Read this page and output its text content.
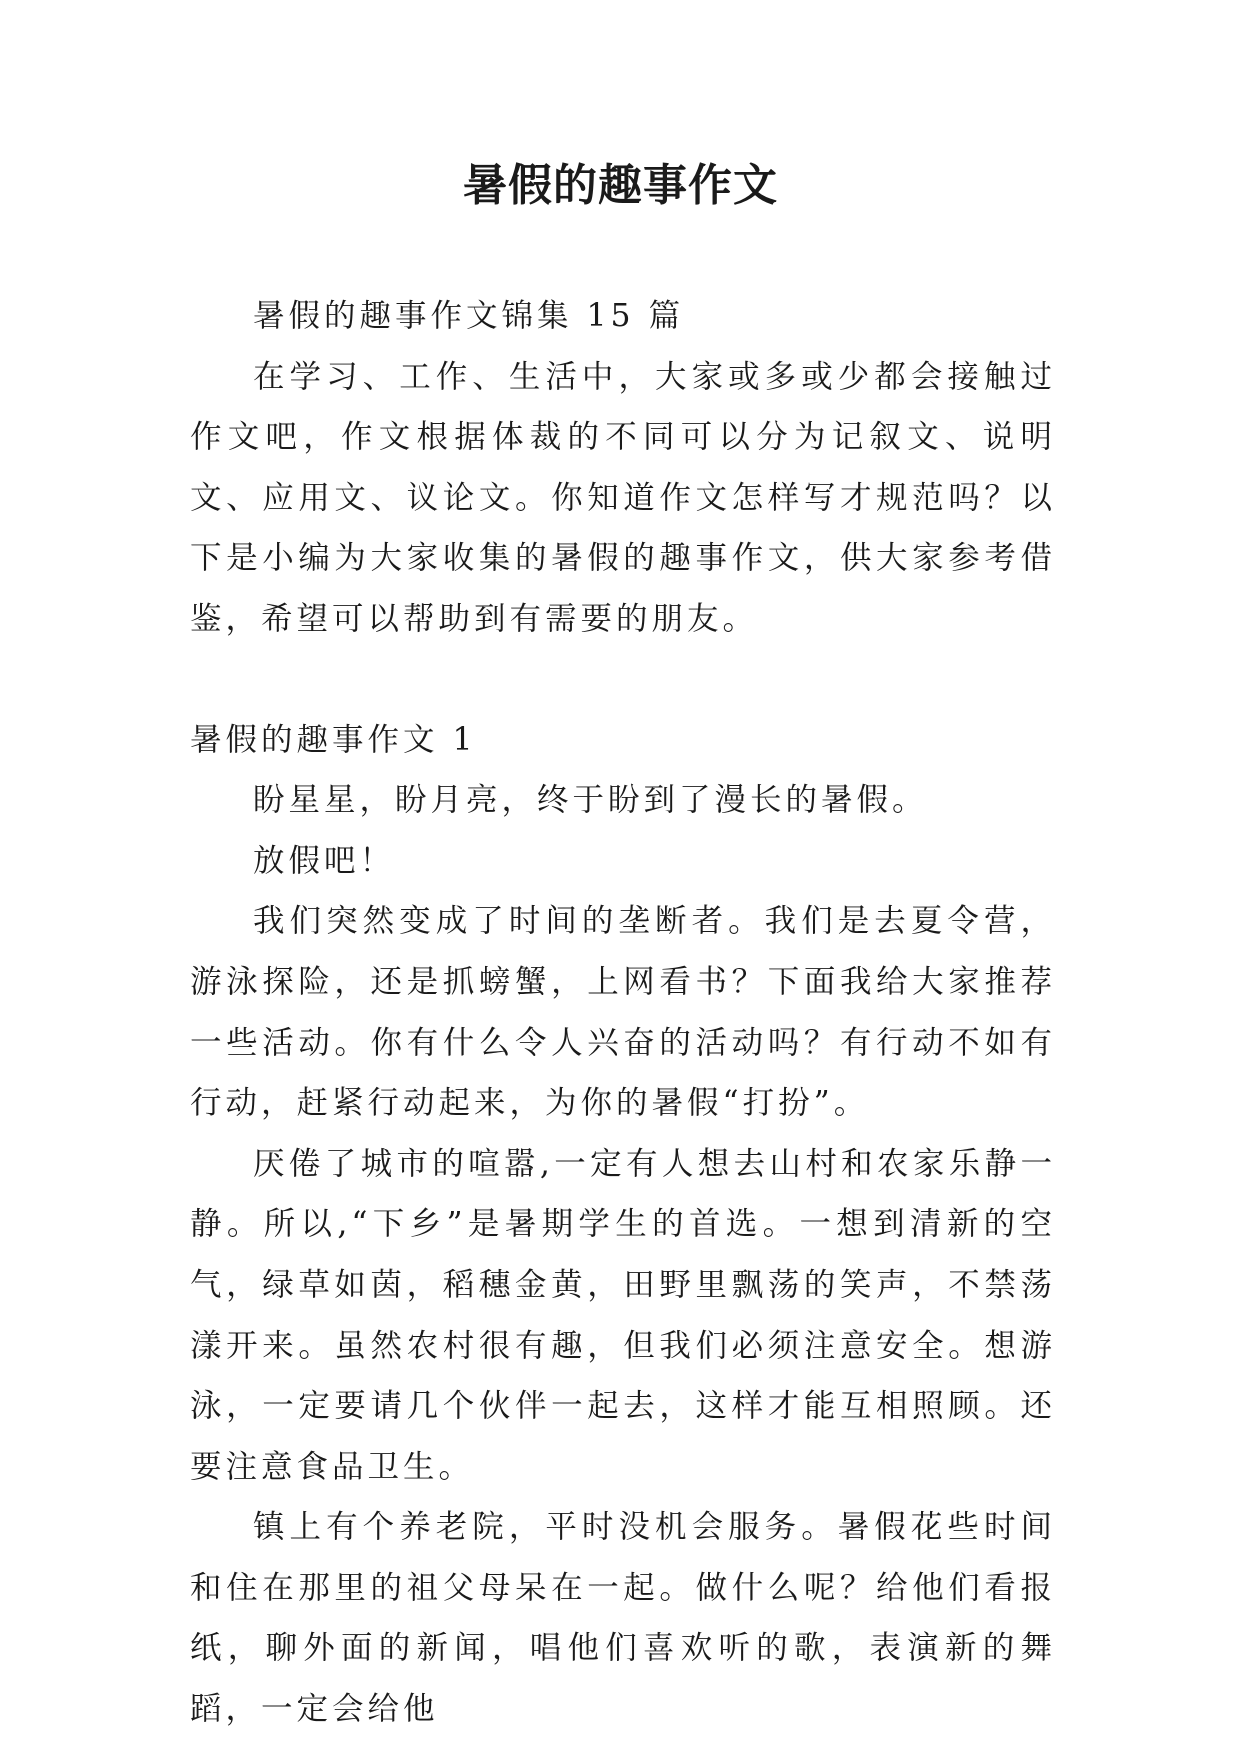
暑假的趣事作文

暑假的趣事作文锦集 15 篇

在学习、工作、生活中，大家或多或少都会接触过作文吧，作文根据体裁的不同可以分为记叙文、说明文、应用文、议论文。你知道作文怎样写才规范吗？以下是小编为大家收集的暑假的趣事作文，供大家参考借鉴，希望可以帮助到有需要的朋友。

暑假的趣事作文 1

盼星星，盼月亮，终于盼到了漫长的暑假。

放假吧！

我们突然变成了时间的垄断者。我们是去夏令营，游泳探险，还是抓螃蟹，上网看书？下面我给大家推荐一些活动。你有什么令人兴奋的活动吗？有行动不如有行动，赶紧行动起来，为你的暑假“打扮”。

厌倦了城市的喧嚣,一定有人想去山村和农家乐静一静。所以,“下乡”是暑期学生的首选。一想到清新的空气，绿草如茵，稻穗金黄，田野里飘荡的笑声，不禁荡漾开来。虽然农村很有趣，但我们必须注意安全。想游泳，一定要请几个伙伴一起去，这样才能互相照顾。还要注意食品卫生。

镇上有个养老院，平时没机会服务。暑假花些时间和住在那里的祖父母呆在一起。做什么呢？给他们看报纸，聊外面的新闻，唱他们喜欢听的歌，表演新的舞蹈，一定会给他
